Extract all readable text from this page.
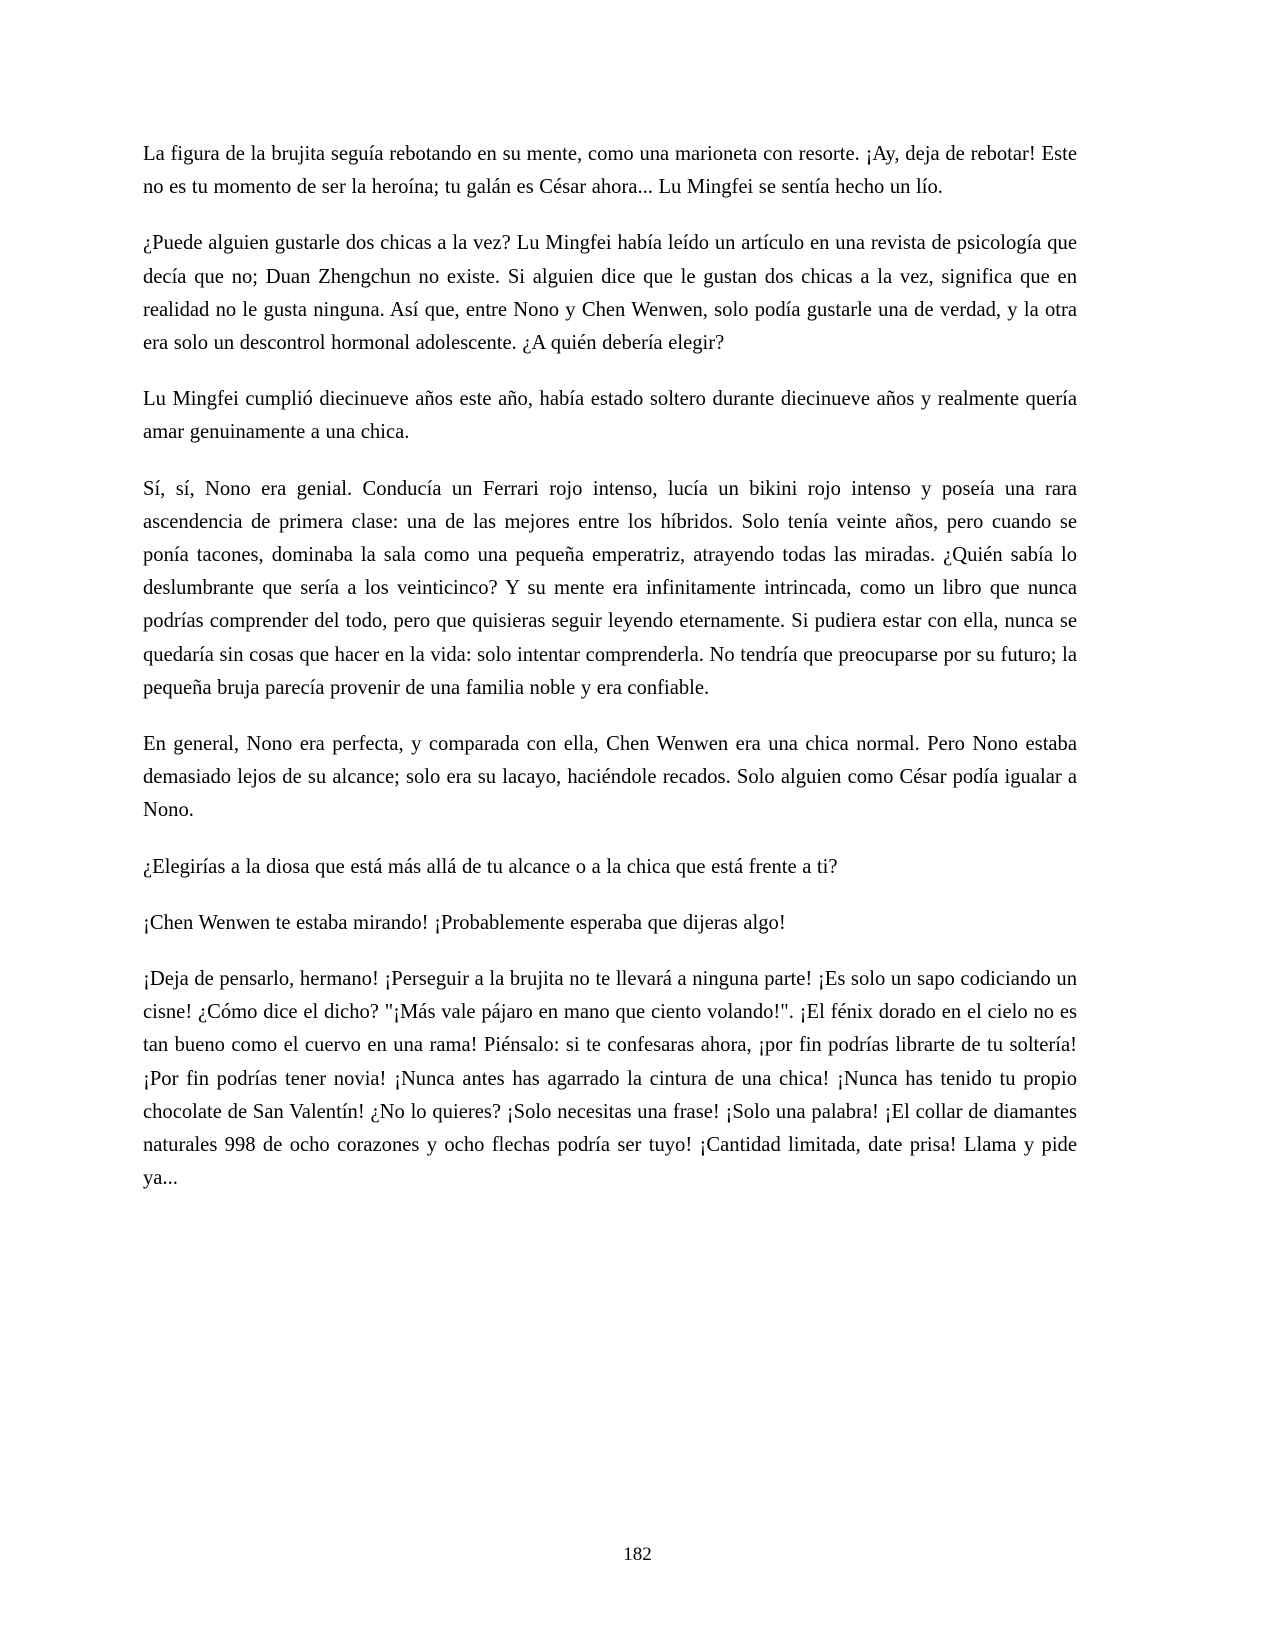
La figura de la brujita seguía rebotando en su mente, como una marioneta con resorte. ¡Ay, deja de rebotar! Este no es tu momento de ser la heroína; tu galán es César ahora... Lu Mingfei se sentía hecho un lío.

¿Puede alguien gustarle dos chicas a la vez? Lu Mingfei había leído un artículo en una revista de psicología que decía que no; Duan Zhengchun no existe. Si alguien dice que le gustan dos chicas a la vez, significa que en realidad no le gusta ninguna. Así que, entre Nono y Chen Wenwen, solo podía gustarle una de verdad, y la otra era solo un descontrol hormonal adolescente. ¿A quién debería elegir?

Lu Mingfei cumplió diecinueve años este año, había estado soltero durante diecinueve años y realmente quería amar genuinamente a una chica.

Sí, sí, Nono era genial. Conducía un Ferrari rojo intenso, lucía un bikini rojo intenso y poseía una rara ascendencia de primera clase: una de las mejores entre los híbridos. Solo tenía veinte años, pero cuando se ponía tacones, dominaba la sala como una pequeña emperatriz, atrayendo todas las miradas. ¿Quién sabía lo deslumbrante que sería a los veinticinco? Y su mente era infinitamente intrincada, como un libro que nunca podrías comprender del todo, pero que quisieras seguir leyendo eternamente. Si pudiera estar con ella, nunca se quedaría sin cosas que hacer en la vida: solo intentar comprenderla. No tendría que preocuparse por su futuro; la pequeña bruja parecía provenir de una familia noble y era confiable.

En general, Nono era perfecta, y comparada con ella, Chen Wenwen era una chica normal. Pero Nono estaba demasiado lejos de su alcance; solo era su lacayo, haciéndole recados. Solo alguien como César podía igualar a Nono.

¿Elegirías a la diosa que está más allá de tu alcance o a la chica que está frente a ti?

¡Chen Wenwen te estaba mirando! ¡Probablemente esperaba que dijeras algo!

¡Deja de pensarlo, hermano! ¡Perseguir a la brujita no te llevará a ninguna parte! ¡Es solo un sapo codiciando un cisne! ¿Cómo dice el dicho? "¡Más vale pájaro en mano que ciento volando!". ¡El fénix dorado en el cielo no es tan bueno como el cuervo en una rama! Piénsalo: si te confesaras ahora, ¡por fin podrías librarte de tu soltería! ¡Por fin podrías tener novia! ¡Nunca antes has agarrado la cintura de una chica! ¡Nunca has tenido tu propio chocolate de San Valentín! ¿No lo quieres? ¡Solo necesitas una frase! ¡Solo una palabra! ¡El collar de diamantes naturales 998 de ocho corazones y ocho flechas podría ser tuyo! ¡Cantidad limitada, date prisa! Llama y pide ya...

182
